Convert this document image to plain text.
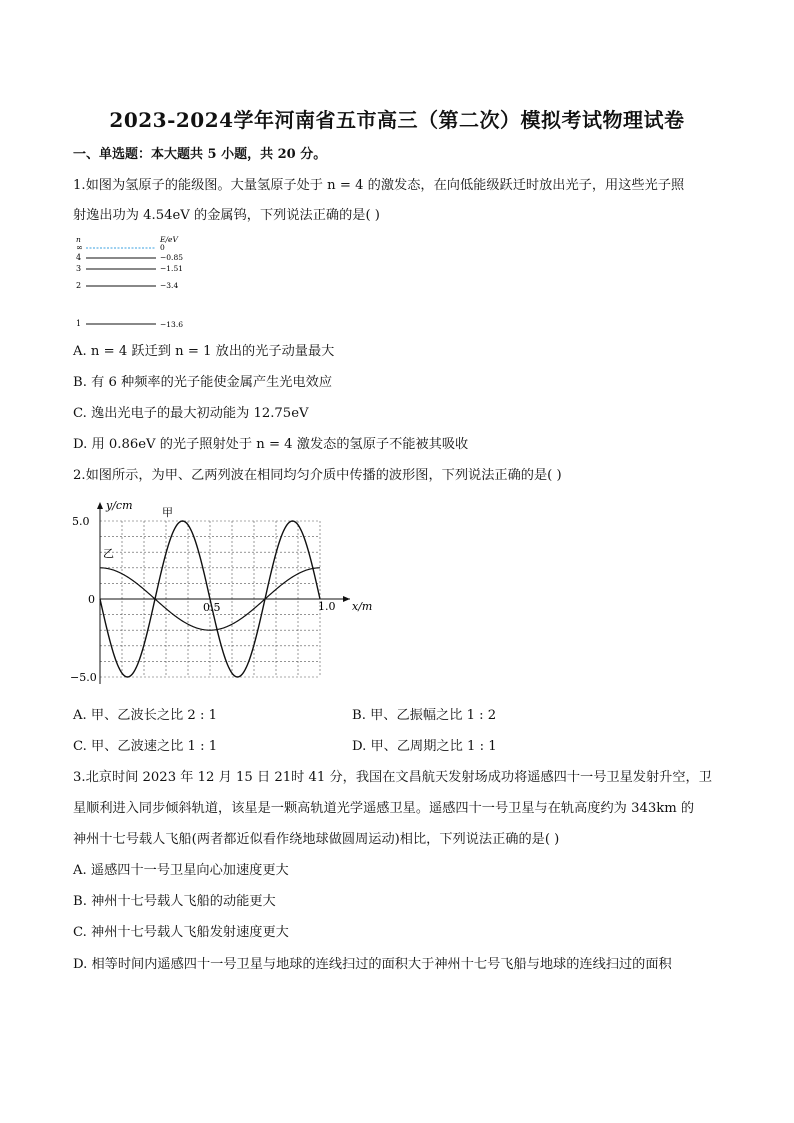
2023-2024学年河南省五市高三（第二次）模拟考试物理试卷
一、单选题：本大题共 5 小题，共 20 分。
1.如图为氢原子的能级图。大量氢原子处于 n = 4 的激发态，在向低能级跃迁时放出光子，用这些光子照
射逸出功为 4.54eV 的金属钨，下列说法正确的是( )
n	E/eV
∞	0
4	−0.85
3	−1.51
2	−3.4
1	−13.6
A. n = 4 跃迁到 n = 1 放出的光子动量最大
B. 有 6 种频率的光子能使金属产生光电效应
C. 逸出光电子的最大初动能为 12.75eV
D. 用 0.86eV 的光子照射处于 n = 4 激发态的氢原子不能被其吸收
2.如图所示，为甲、乙两列波在相同均匀介质中传播的波形图，下列说法正确的是( )
y/cm
x/m
5.0
0
−5.0
0.5	1.0
甲
乙
A. 甲、乙波长之比 2 : 1	B. 甲、乙振幅之比 1 : 2
C. 甲、乙波速之比 1 : 1	D. 甲、乙周期之比 1 : 1
3.北京时间 2023 年 12 月 15 日 21时 41 分，我国在文昌航天发射场成功将遥感四十一号卫星发射升空，卫
星顺利进入同步倾斜轨道，该星是一颗高轨道光学遥感卫星。遥感四十一号卫星与在轨高度约为 343km 的
神州十七号载人飞船(两者都近似看作绕地球做圆周运动)相比，下列说法正确的是( )
A. 遥感四十一号卫星向心加速度更大
B. 神州十七号载人飞船的动能更大
C. 神州十七号载人飞船发射速度更大
D. 相等时间内遥感四十一号卫星与地球的连线扫过的面积大于神州十七号飞船与地球的连线扫过的面积
